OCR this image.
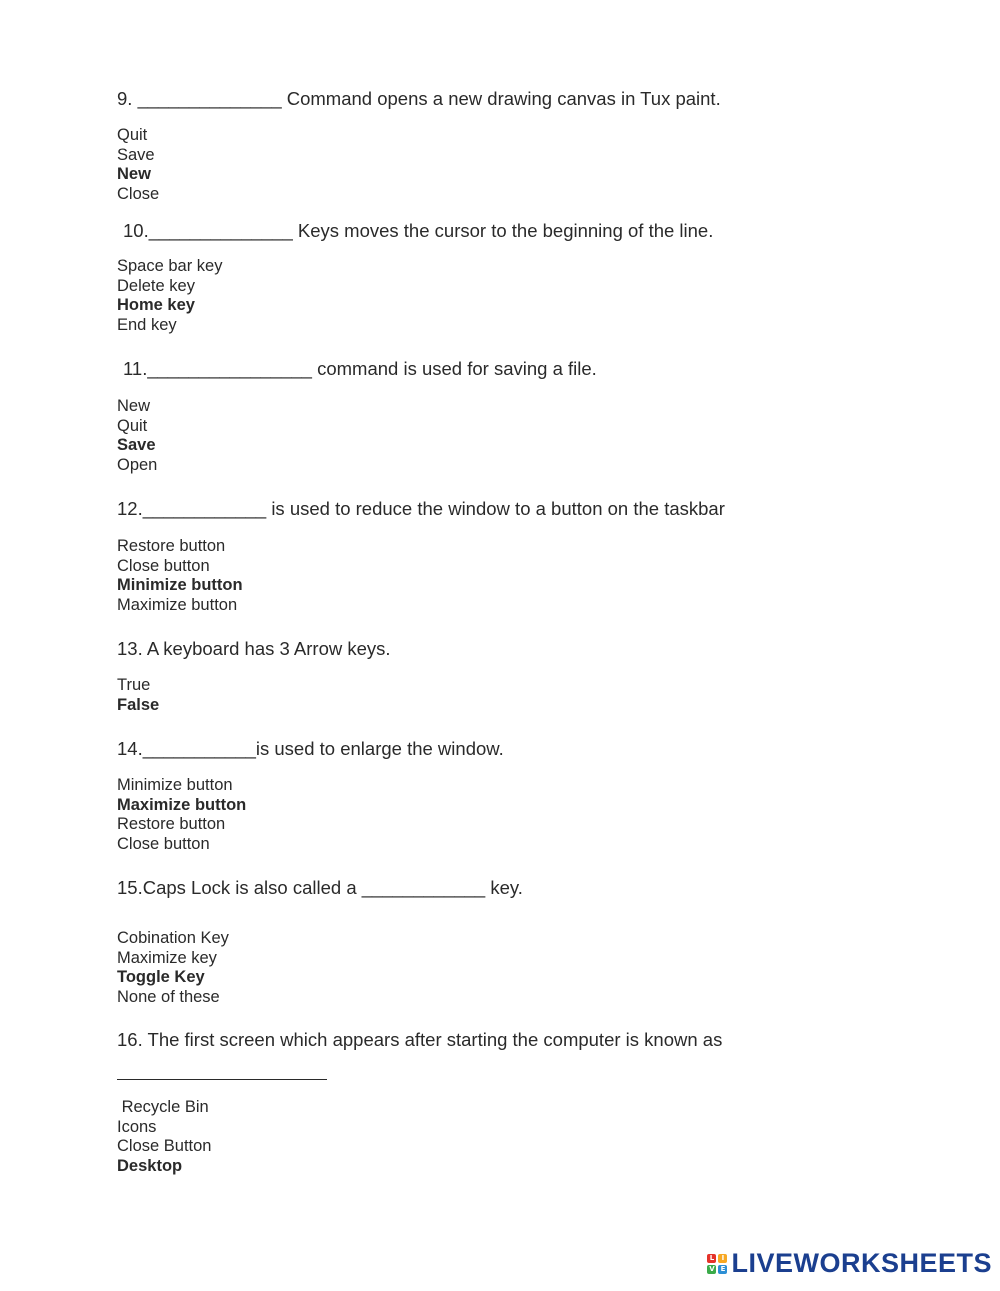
9. ______________ Command opens a new drawing canvas in Tux paint.

Quit
Save
New
Close

10.______________ Keys moves the cursor to the beginning of the line.

Space bar key
Delete key
Home key
End key

11.________________ command is used for saving a file.

New
Quit
Save
Open

12.____________ is used to reduce the window to a button on the taskbar

Restore button
Close button
Minimize button
Maximize button

13. A keyboard has 3 Arrow keys.

True
False

14.___________is used to enlarge the window.

Minimize button
Maximize button
Restore button
Close button

15.Caps Lock is also called a ____________ key.

Cobination Key
Maximize key
Toggle Key
None of these

16. The first screen which appears after starting the computer is known as

Recycle Bin
Icons
Close Button
Desktop
L	I
V E LIVEWORKSHEETS
